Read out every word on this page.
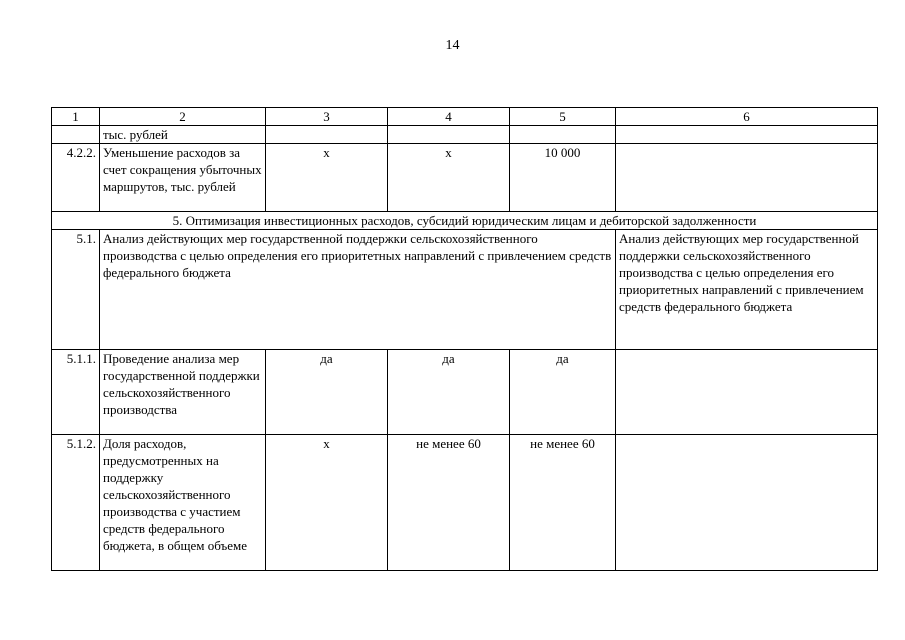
14
1	2	3	4	5	6
	тыс. рублей				
4.2.2.	Уменьшение расходов за счет сокращения убыточных маршрутов, тыс. рублей	х	х	10 000	
5. Оптимизация инвестиционных расходов, субсидий юридическим лицам и дебиторской задолженности					
5.1.	Анализ действующих мер государственной поддержки сельскохозяйственного производства с целью определения его приоритетных направлений с привлечением средств федерального бюджета				Анализ действующих мер государственной поддержки сельскохозяйственного производства с целью определения его приоритетных направлений с привлечением средств федерального бюджета
5.1.1.	Проведение анализа мер государственной поддержки сельскохозяйственного производства	да	да	да	
5.1.2.	Доля расходов, предусмотренных на поддержку сельскохозяйственного производства с участием средств федерального бюджета, в общем объеме	х	не менее 60	не менее 60	
